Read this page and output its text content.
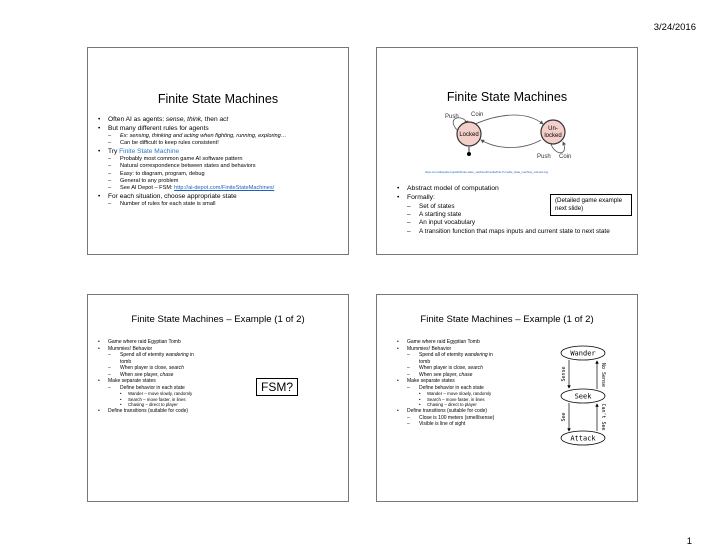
3/24/2016
Finite State Machines
• Often AI as agents: sense, think, then act
• But many different rules for agents
– Ex: sensing, thinking and acting when fighting, running, exploring…
– Can be difficult to keep rules consistent!
• Try Finite State Machine
– Probably most common game AI software pattern
– Natural correspondence between states and behaviors
– Easy: to diagram, program, debug
– General to any problem
– See AI Depot – FSM: http://ai-depot.com/FiniteStateMachines/
• For each situation, choose appropriate state
– Number of rules for each state is small
Finite State Machines
Push Coin
Locked
Un-
locked
Push Coin
https://en.wikipedia.org/wiki/Finite-state_machine#/media/File:Turnstile_state_machine_colored.svg
• Abstract model of computation
• Formally:
– Set of states
– A starting state
– An input vocabulary
– A transition function that maps inputs and current state to next state
(Detailed game example next slide)
Finite State Machines – Example (1 of 2)
• Game where raid Egyptian Tomb
• Mummies! Behavior
– Spend all of eternity wandering in tomb
– When player is close, search
– When see player, chase
• Make separate states
– Define behavior in each state
• Wander – move slowly, randomly
• Search – move faster, in lines
• Chasing – direct to player
• Define transitions (suitable for code)
FSM?
Finite State Machines – Example (1 of 2)
• Game where raid Egyptian Tomb
• Mummies! Behavior
– Spend all of eternity wandering in tomb
– When player is close, search
– When see player, chase
• Make separate states
– Define behavior in each state
• Wander – move slowly, randomly
• Search – move faster, in lines
• Chasing – direct to player
• Define transitions (suitable for code)
– Close is 100 meters (smell/sense)
– Visible is line of sight
Wander
Seek
Attack
Sense	No Sense
See	Can't See
1
